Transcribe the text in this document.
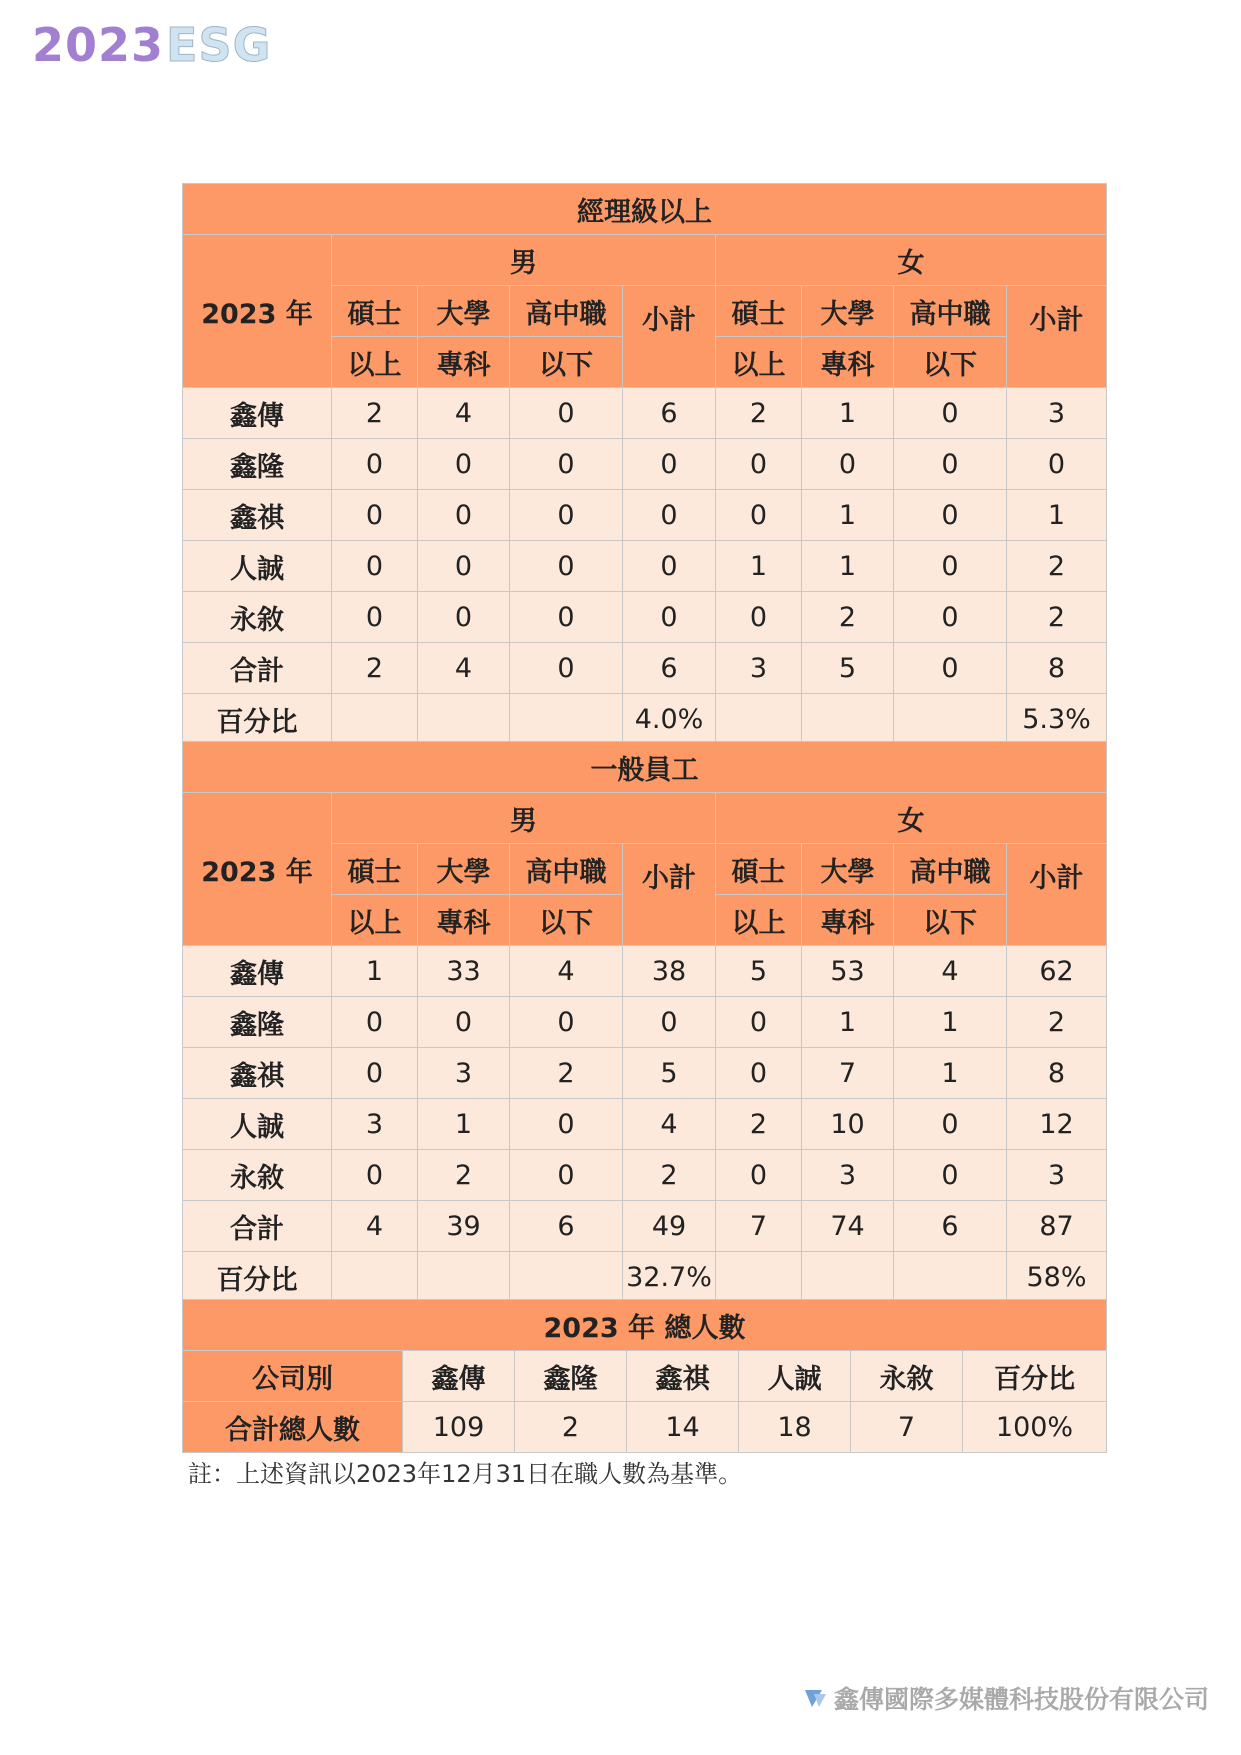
2023ESG
經理級以上								
2023 年	男				女			
	碩士	大學	高中職	小計	碩士	大學	高中職	小計
	以上	專科	以下		以上	專科	以下	
鑫傳	2	4	0	6	2	1	0	3
鑫隆	0	0	0	0	0	0	0	0
鑫祺	0	0	0	0	0	1	0	1
人誠	0	0	0	0	1	1	0	2
永敘	0	0	0	0	0	2	0	2
合計	2	4	0	6	3	5	0	8
百分比				4.0%				5.3%
一般員工								
2023 年	男				女			
	碩士	大學	高中職	小計	碩士	大學	高中職	小計
	以上	專科	以下		以上	專科	以下	
鑫傳	1	33	4	38	5	53	4	62
鑫隆	0	0	0	0	0	1	1	2
鑫祺	0	3	2	5	0	7	1	8
人誠	3	1	0	4	2	10	0	12
永敘	0	2	0	2	0	3	0	3
合計	4	39	6	49	7	74	6	87
百分比				32.7%				58%
2023 年 總人數						
公司別	鑫傳	鑫隆	鑫祺	人誠	永敘	百分比
合計總人數	109	2	14	18	7	100%
註：上述資訊以2023年12月31日在職人數為基準。
鑫傳國際多媒體科技股份有限公司
